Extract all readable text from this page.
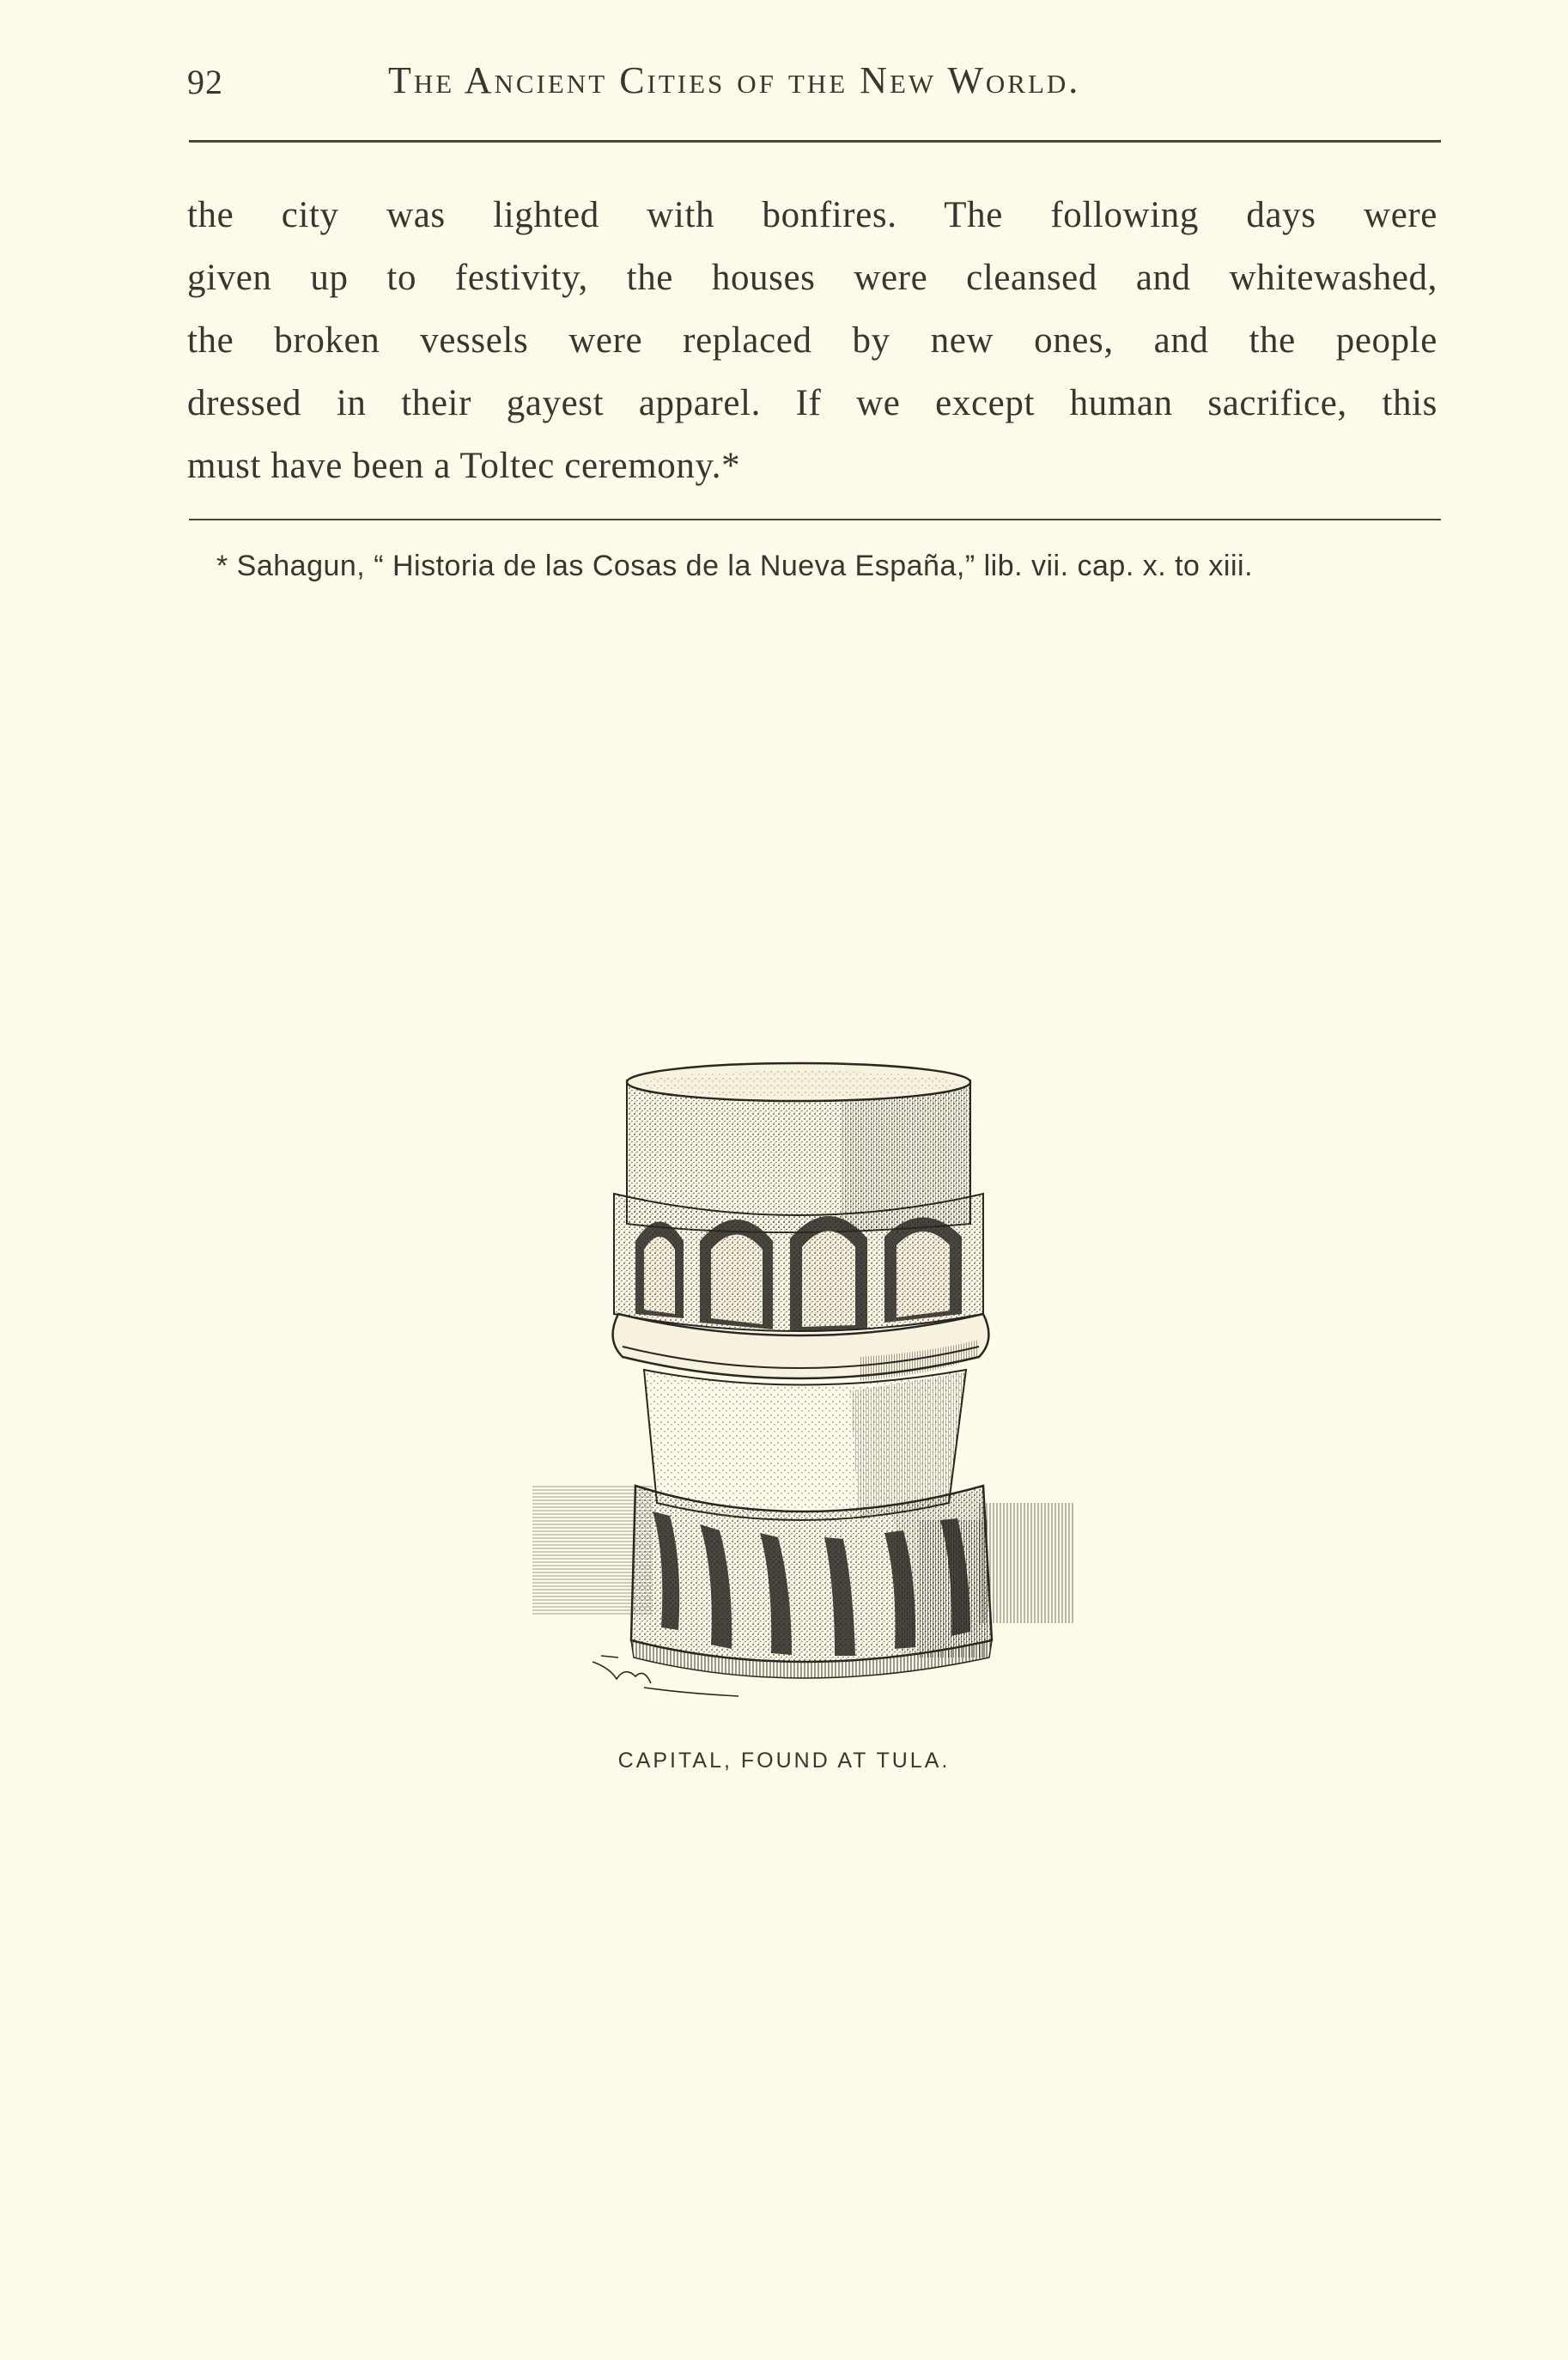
92	The Ancient Cities of the New World.
the city was lighted with bonfires. The following days were
given up to festivity, the houses were cleansed and whitewashed,
the broken vessels were replaced by new ones, and the people
dressed in their gayest apparel. If we except human sacrifice, this
must have been a Toltec ceremony.*
* Sahagun, “ Historia de las Cosas de la Nueva España,” lib. vii. cap. x. to xiii.
CAPITAL, FOUND AT TULA.
